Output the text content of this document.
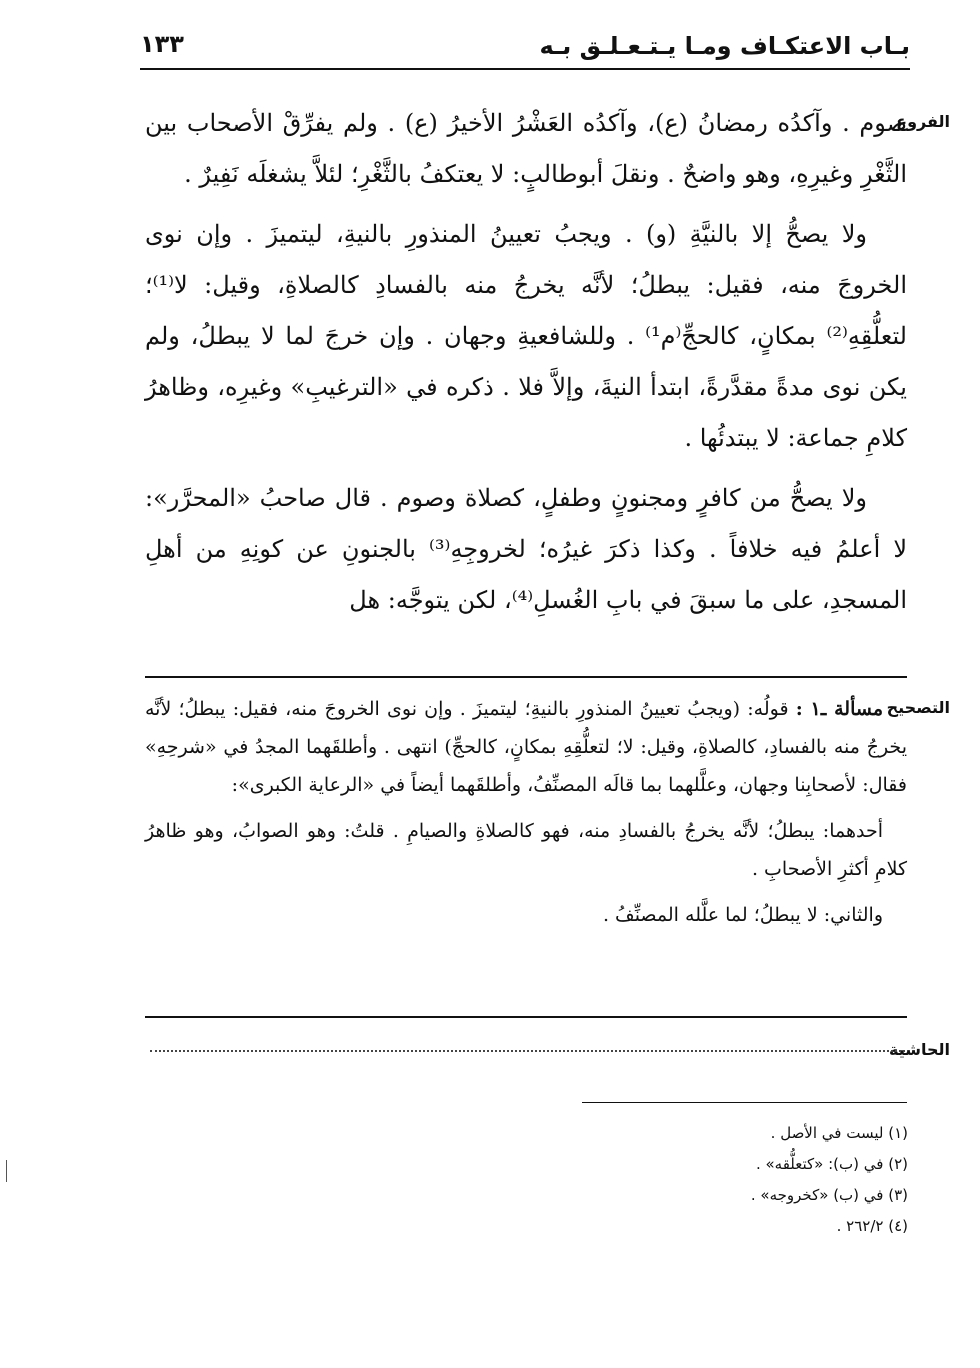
بـاب الاعتكـاف ومـا يـتـعـلـق بـه
١٣٣
الفروع

صوم . وآكدُه رمضانُ (ع)، وآكدُه العَشْرُ الأخيرُ (ع) . ولم يفرِّقْ الأصحاب بين الثَّغْرِ وغيرِهِ، وهو واضحٌ . ونقلَ أبوطالبٍ: لا يعتكفُ بالثَّغْرِ؛ لئلاَّ يشغلَه نَفِيرٌ .

ولا يصحُّ إلا بالنيَّةِ (و) . ويجبُ تعيينُ المنذورِ بالنيةِ، ليتميزَ . وإن نوى الخروجَ منه، فقيل: يبطلُ؛ لأنَّه يخرجُ منه بالفسادِ كالصلاةِ، وقيل: لا⁽¹⁾؛ لتعلُّقِهِ⁽²⁾ بمكانٍ، كالحجِّ⁽م¹⁾ . وللشافعيةِ وجهان . وإن خرجَ لما لا يبطلُ، ولم يكن نوى مدةً مقدَّرةً، ابتدأ النيةَ، وإلاَّ فلا . ذكره في «الترغيبِ» وغيرِه، وظاهرُ كلامِ جماعة: لا يبتدئُها .

ولا يصحُّ من كافرٍ ومجنونٍ وطفلٍ، كصلاة وصوم . قال صاحبُ «المحرَّر»: لا أعلمُ فيه خلافاً . وكذا ذكرَ غيرُه؛ لخروجِهِ⁽³⁾ بالجنونِ عن كونِهِ من أهلِ المسجدِ، على ما سبقَ في بابِ الغُسلِ⁽⁴⁾، لكن يتوجَّه: هل

التصحيح

مسألة ـ١ : قولُه: (ويجبُ تعيينُ المنذورِ بالنيةِ؛ ليتميزَ . وإن نوى الخروجَ منه، فقيل: يبطلُ؛ لأنَّه يخرجُ منه بالفسادِ، كالصلاةِ، وقيل: لا؛ لتعلُّقِهِ بمكانٍ، كالحجِّ) انتهى . وأطلقَهما المجدُ في «شرحِهِ» فقال: لأصحابِنا وجهان، وعلَّلهما بما قالَه المصنِّفُ، وأطلقَهما أيضاً في «الرعاية الكبرى»:

أحدهما: يبطلُ؛ لأنَّه يخرجُ بالفسادِ منه، فهو كالصلاةِ والصيامِ . قلتُ: وهو الصوابُ، وهو ظاهرُ كلامِ أكثرِ الأصحابِ .

والثاني: لا يبطلُ؛ لما علَّله المصنِّفُ .

الحاشية
(١) ليست في الأصل .
(٢) في (ب): «كتعلُّقه» .
(٣) في (ب) «كخروجه» .
(٤) ٢٦٢/٢ .
